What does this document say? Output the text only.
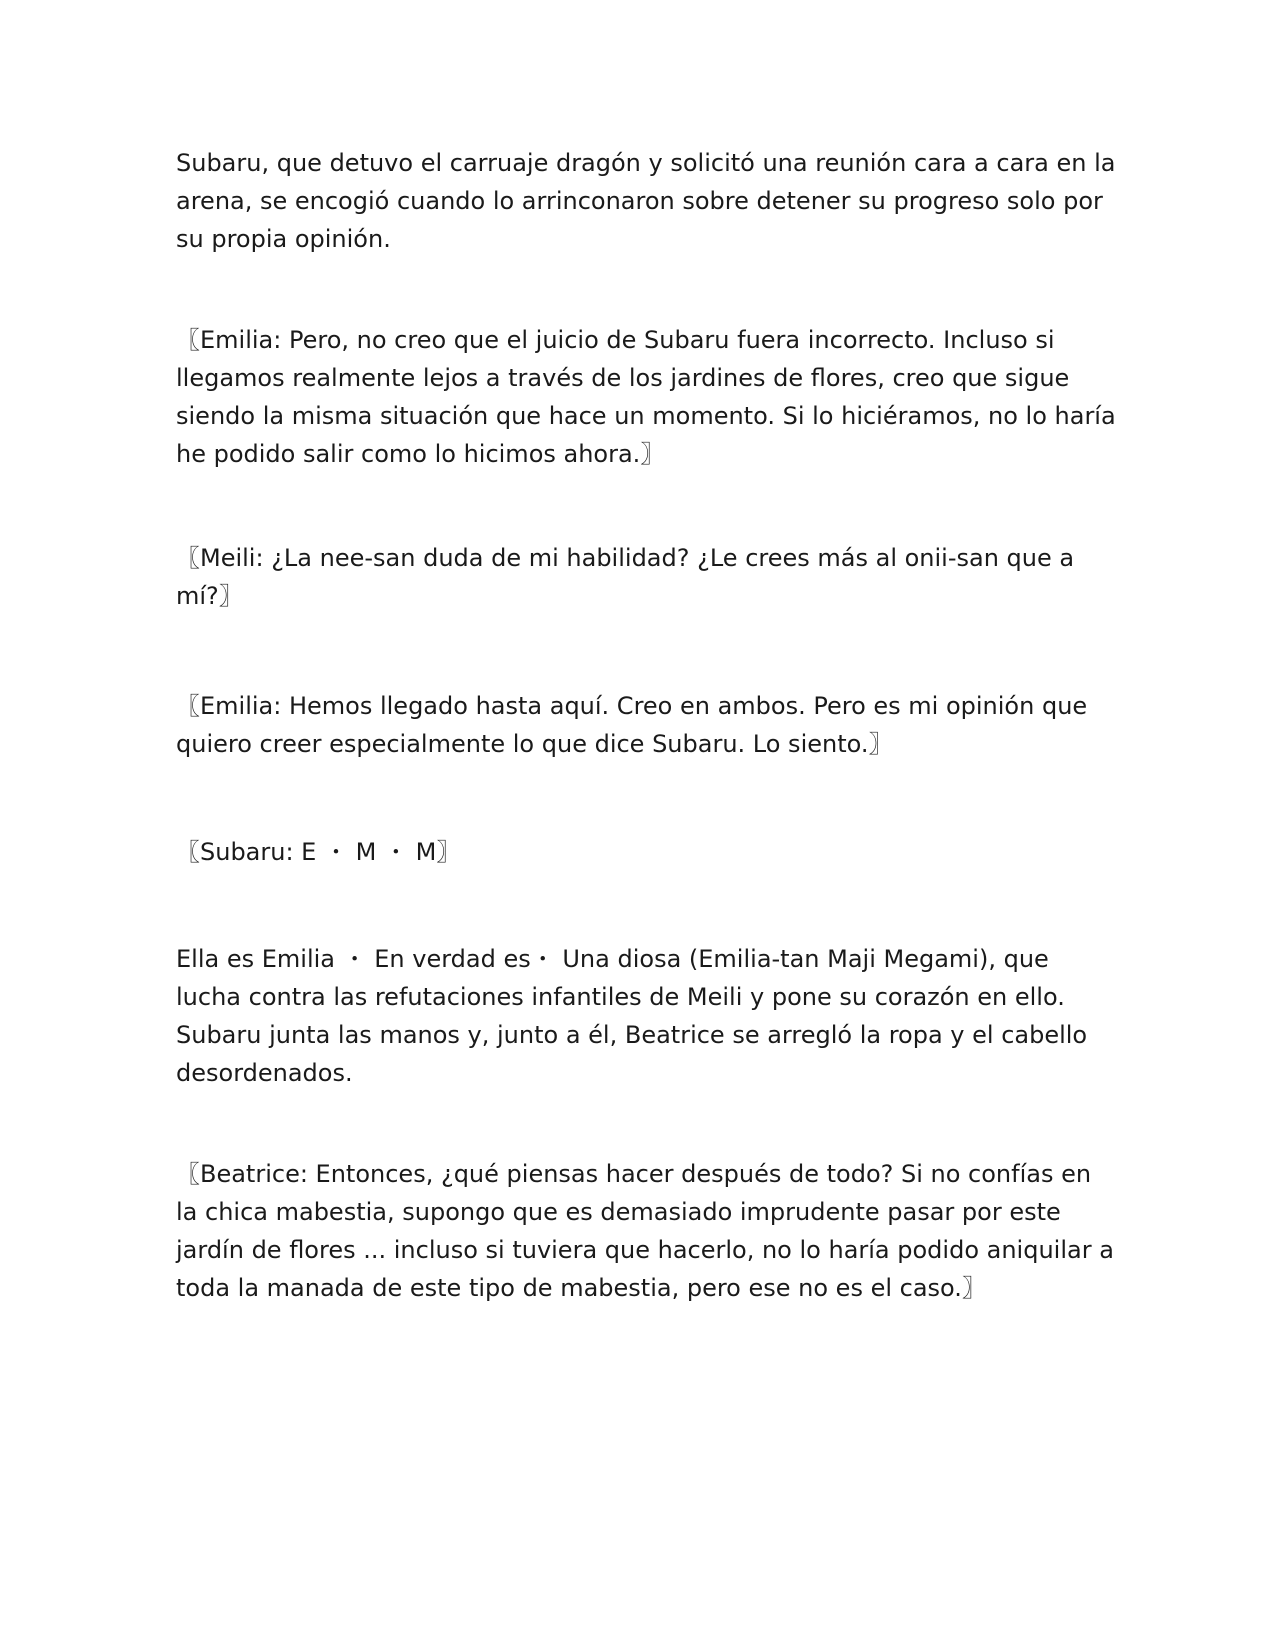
Subaru, que detuvo el carruaje dragón y solicitó una reunión cara a cara en la
arena, se encogió cuando lo arrinconaron sobre detener su progreso solo por
su propia opinión.

〖Emilia: Pero, no creo que el juicio de Subaru fuera incorrecto. Incluso si
llegamos realmente lejos a través de los jardines de flores, creo que sigue
siendo la misma situación que hace un momento. Si lo hiciéramos, no lo haría
he podido salir como lo hicimos ahora.〗

〖Meili: ¿La nee-san duda de mi habilidad? ¿Le crees más al onii-san que a
mí?〗

〖Emilia: Hemos llegado hasta aquí. Creo en ambos. Pero es mi opinión que
quiero creer especialmente lo que dice Subaru. Lo siento.〗

〖Subaru: E ・ M ・ M〗

Ella es Emilia ・ En verdad es・ Una diosa (Emilia-tan Maji Megami), que
lucha contra las refutaciones infantiles de Meili y pone su corazón en ello.
Subaru junta las manos y, junto a él, Beatrice se arregló la ropa y el cabello
desordenados.

〖Beatrice: Entonces, ¿qué piensas hacer después de todo? Si no confías en
la chica mabestia, supongo que es demasiado imprudente pasar por este
jardín de flores ... incluso si tuviera que hacerlo, no lo haría podido aniquilar a
toda la manada de este tipo de mabestia, pero ese no es el caso.〗
